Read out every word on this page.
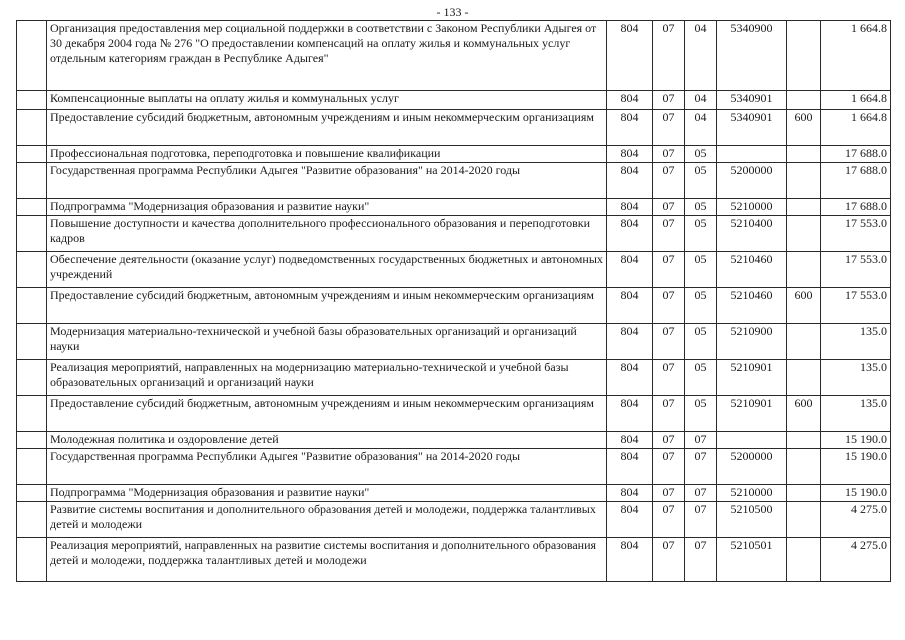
- 133 -
	Организация предоставления мер социальной поддержки в соответствии с Законом Республики Адыгея от 30 декабря 2004 года № 276 "О предоставлении компенсаций на оплату жилья и коммунальных услуг отдельным категориям граждан в Республике Адыгея"	804	07	04	5340900		1 664.8
	Компенсационные выплаты на оплату жилья и коммунальных услуг	804	07	04	5340901		1 664.8
	Предоставление субсидий бюджетным, автономным учреждениям и иным некоммерческим организациям	804	07	04	5340901	600	1 664.8
	Профессиональная подготовка, переподготовка и повышение квалификации	804	07	05			17 688.0
	Государственная программа Республики Адыгея "Развитие образования" на 2014-2020 годы	804	07	05	5200000		17 688.0
	Подпрограмма "Модернизация образования и развитие науки"	804	07	05	5210000		17 688.0
	Повышение доступности и качества дополнительного профессионального образования и переподготовки кадров	804	07	05	5210400		17 553.0
	Обеспечение деятельности (оказание услуг) подведомственных государственных бюджетных и автономных учреждений	804	07	05	5210460		17 553.0
	Предоставление субсидий бюджетным, автономным учреждениям и иным некоммерческим организациям	804	07	05	5210460	600	17 553.0
	Модернизация материально-технической и учебной базы образовательных организаций и организаций науки	804	07	05	5210900		135.0
	Реализация мероприятий, направленных на модернизацию материально-технической и учебной базы образовательных организаций и организаций науки	804	07	05	5210901		135.0
	Предоставление субсидий бюджетным, автономным учреждениям и иным некоммерческим организациям	804	07	05	5210901	600	135.0
	Молодежная политика и оздоровление детей	804	07	07			15 190.0
	Государственная программа Республики Адыгея "Развитие образования" на 2014-2020 годы	804	07	07	5200000		15 190.0
	Подпрограмма "Модернизация образования и развитие науки"	804	07	07	5210000		15 190.0
	Развитие системы воспитания и дополнительного образования детей и молодежи, поддержка талантливых детей и молодежи	804	07	07	5210500		4 275.0
	Реализация мероприятий, направленных на развитие системы воспитания и дополнительного образования детей и молодежи, поддержка талантливых детей и молодежи	804	07	07	5210501		4 275.0
